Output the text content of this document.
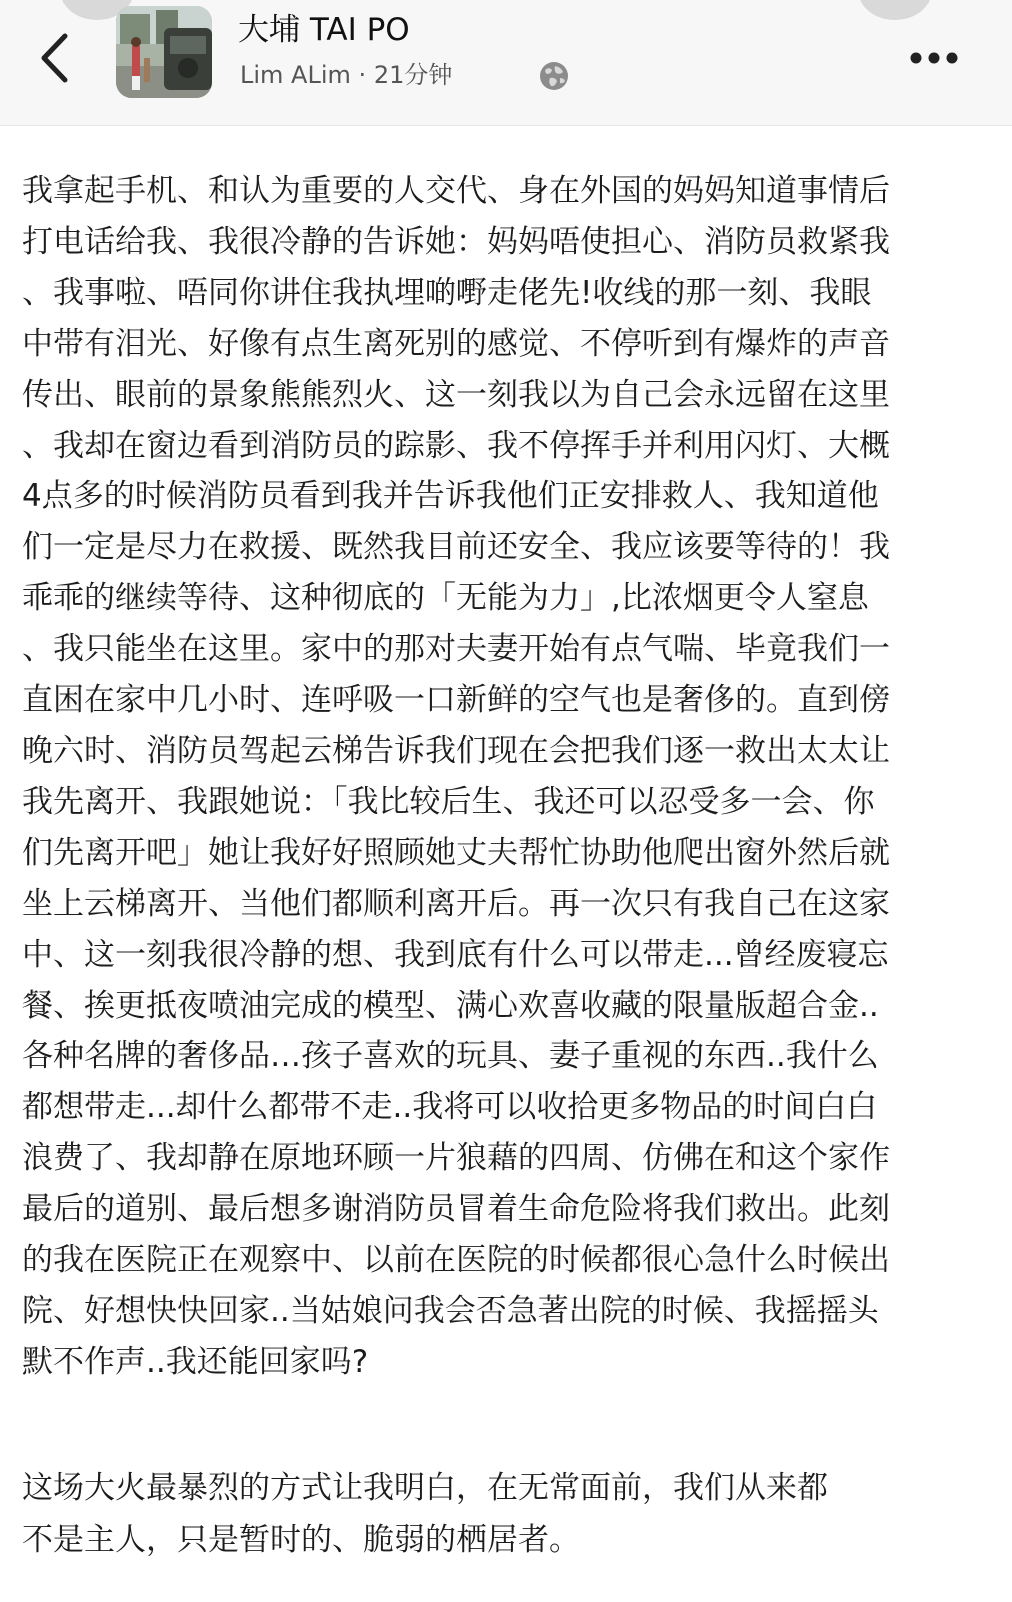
大埔 TAI PO
Lim ALim · 21分钟
我拿起手机、和认为重要的人交代、身在外国的妈妈知道事情后
打电话给我、我很冷静的告诉她：妈妈唔使担心、消防员救紧我
、我事啦、唔同你讲住我执埋啲嘢走佬先!收线的那一刻、我眼
中带有泪光、好像有点生离死别的感觉、不停听到有爆炸的声音
传出、眼前的景象熊熊烈火、这一刻我以为自己会永远留在这里
、我却在窗边看到消防员的踪影、我不停挥手并利用闪灯、大概
4点多的时候消防员看到我并告诉我他们正安排救人、我知道他
们一定是尽力在救援、既然我目前还安全、我应该要等待的！我
乖乖的继续等待、这种彻底的「无能为力」,比浓烟更令人窒息
、我只能坐在这里。家中的那对夫妻开始有点气喘、毕竟我们一
直困在家中几小时、连呼吸一口新鲜的空气也是奢侈的。直到傍
晚六时、消防员驾起云梯告诉我们现在会把我们逐一救出太太让
我先离开、我跟她说：「我比较后生、我还可以忍受多一会、你
们先离开吧」她让我好好照顾她丈夫帮忙协助他爬出窗外然后就
坐上云梯离开、当他们都顺利离开后。再一次只有我自己在这家
中、这一刻我很冷静的想、我到底有什么可以带走...曾经废寝忘
餐、挨更抵夜喷油完成的模型、满心欢喜收藏的限量版超合金..
各种名牌的奢侈品…孩子喜欢的玩具、妻子重视的东西..我什么
都想带走...却什么都带不走..我将可以收拾更多物品的时间白白
浪费了、我却静在原地环顾一片狼藉的四周、仿佛在和这个家作
最后的道别、最后想多谢消防员冒着生命危险将我们救出。此刻
的我在医院正在观察中、以前在医院的时候都很心急什么时候出
院、好想快快回家..当姑娘问我会否急著出院的时候、我摇摇头
默不作声..我还能回家吗?
这场大火最暴烈的方式让我明白，在无常面前，我们从来都
不是主人，只是暂时的、脆弱的栖居者。
